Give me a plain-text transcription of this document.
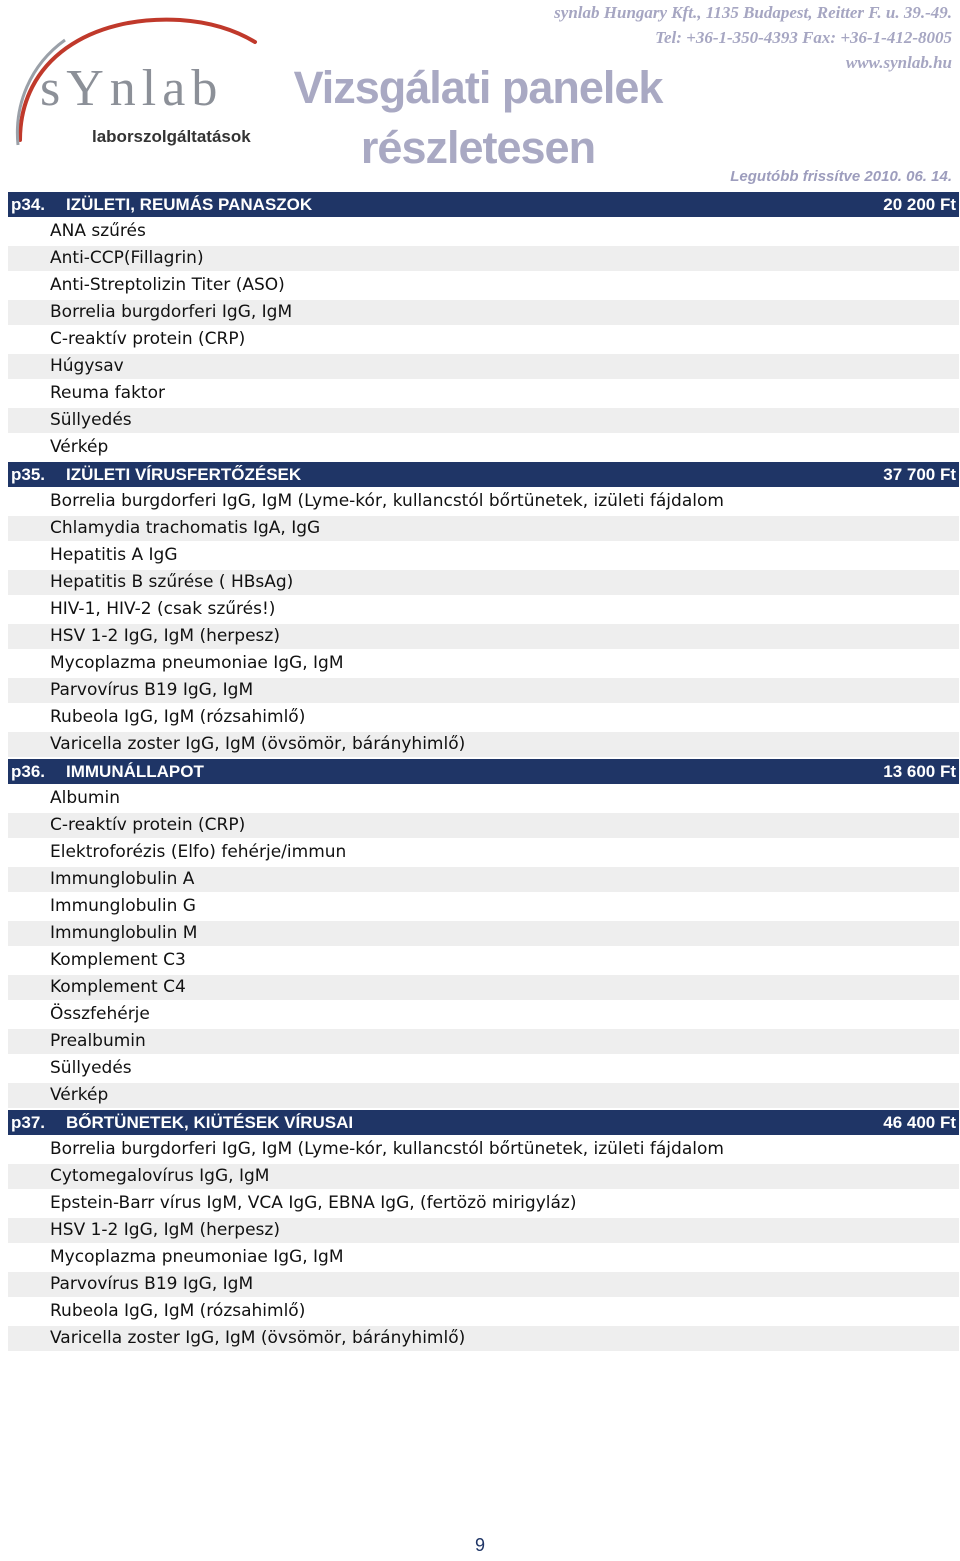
sYnlab
laborszolgáltatások
Vizsgálati panelek
részletesen
synlab Hungary Kft., 1135 Budapest, Reitter F. u. 39.-49.
Tel: +36-1-350-4393 Fax: +36-1-412-8005
www.synlab.hu
Legutóbb frissítve 2010. 06. 14.
p34. IZÜLETI, REUMÁS PANASZOK	20 200 Ft
ANA szűrés
Anti-CCP(Fillagrin)
Anti-Streptolizin Titer (ASO)
Borrelia burgdorferi IgG, IgM
C-reaktív protein (CRP)
Húgysav
Reuma faktor
Süllyedés
Vérkép
p35. IZÜLETI VÍRUSFERTŐZÉSEK	37 700 Ft
Borrelia burgdorferi IgG, IgM (Lyme-kór, kullancstól bőrtünetek, izületi fájdalom
Chlamydia trachomatis IgA, IgG
Hepatitis A IgG
Hepatitis B szűrése ( HBsAg)
HIV-1, HIV-2 (csak szűrés!)
HSV 1-2 IgG, IgM (herpesz)
Mycoplazma pneumoniae IgG, IgM
Parvovírus B19 IgG, IgM
Rubeola IgG, IgM (rózsahimlő)
Varicella zoster IgG, IgM (övsömör, bárányhimlő)
p36. IMMUNÁLLAPOT	13 600 Ft
Albumin
C-reaktív protein (CRP)
Elektroforézis (Elfo) fehérje/immun
Immunglobulin A
Immunglobulin G
Immunglobulin M
Komplement C3
Komplement C4
Összfehérje
Prealbumin
Süllyedés
Vérkép
p37. BŐRTÜNETEK, KIÜTÉSEK VÍRUSAI	46 400 Ft
Borrelia burgdorferi IgG, IgM (Lyme-kór, kullancstól bőrtünetek, izületi fájdalom
Cytomegalovírus IgG, IgM
Epstein-Barr vírus IgM, VCA IgG, EBNA IgG, (fertözö mirigyláz)
HSV 1-2 IgG, IgM (herpesz)
Mycoplazma pneumoniae IgG, IgM
Parvovírus B19 IgG, IgM
Rubeola IgG, IgM (rózsahimlő)
Varicella zoster IgG, IgM (övsömör, bárányhimlő)
9
